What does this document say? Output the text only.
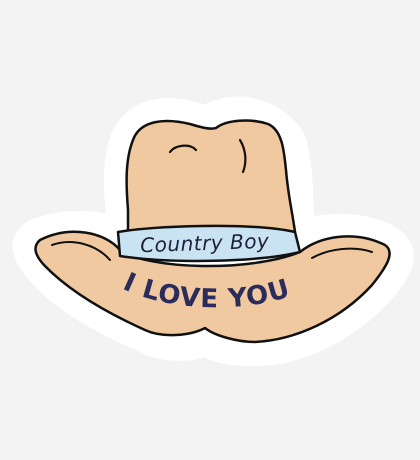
Country Boy
I LOVE YOU
